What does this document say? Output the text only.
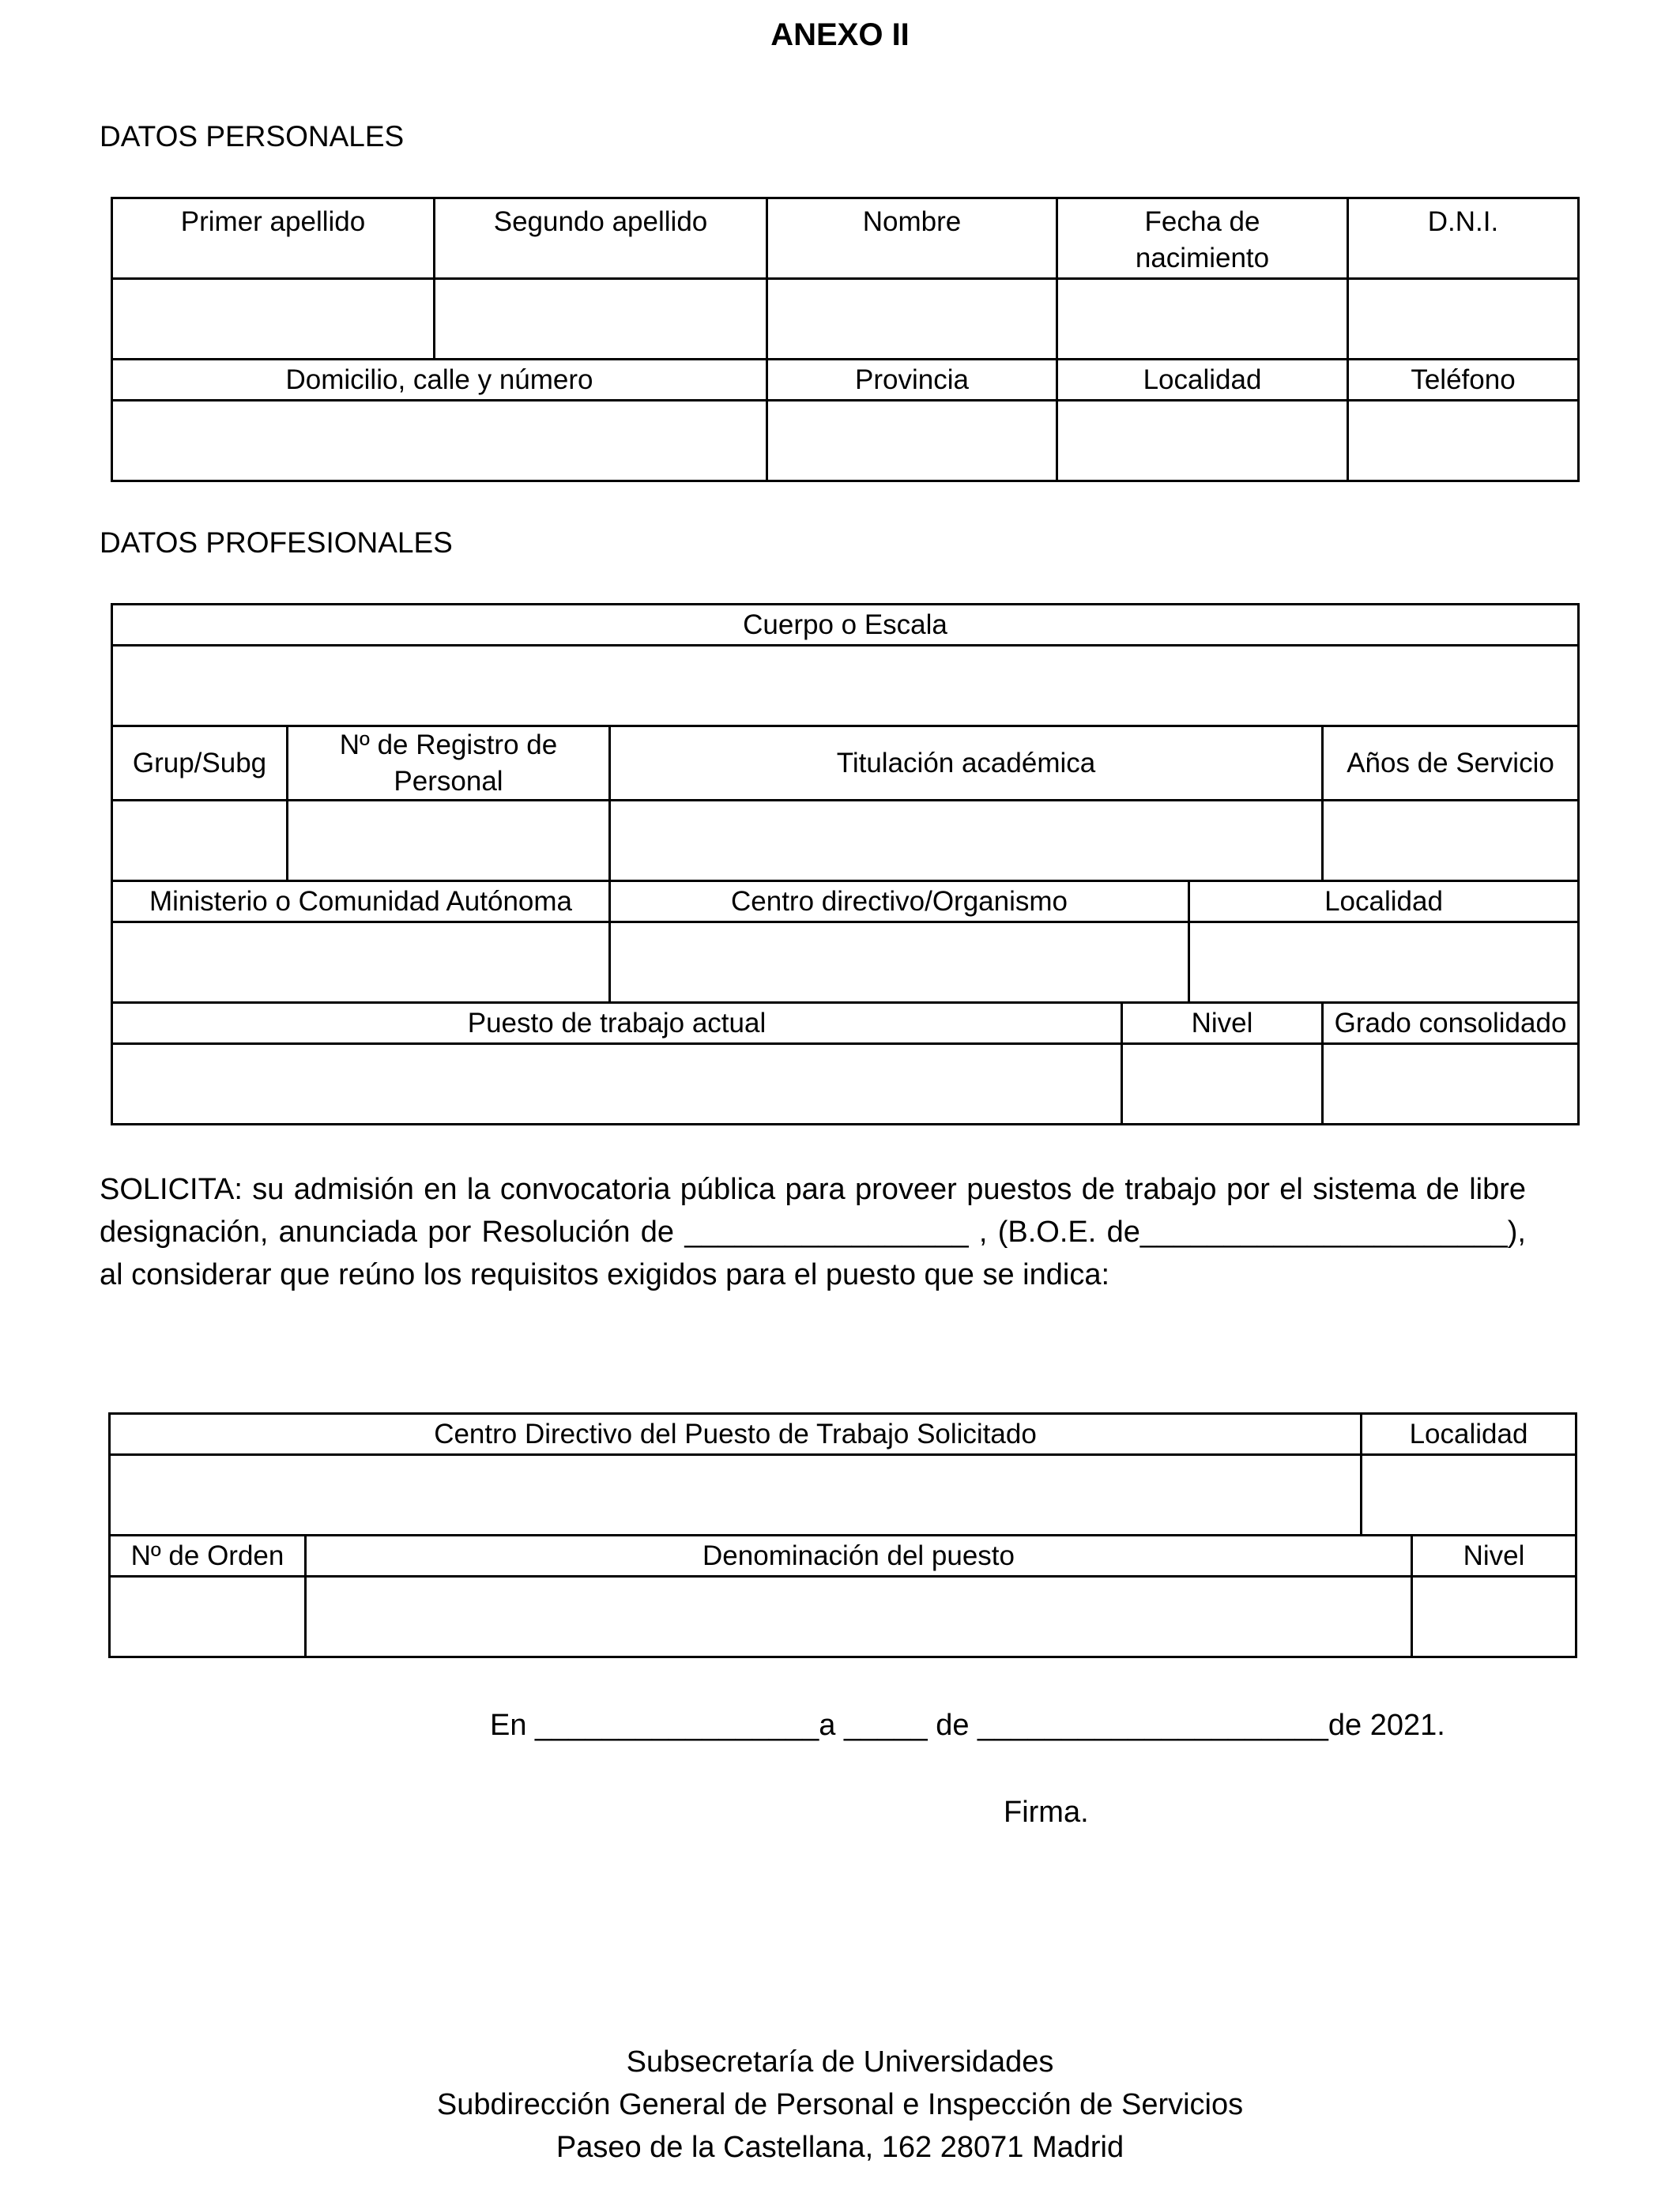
ANEXO II
DATOS PERSONALES
Primer apellido	Segundo apellido	Nombre	Fecha de nacimiento	D.N.I.

Domicilio, calle y número		Provincia	Localidad	Teléfono

DATOS PROFESIONALES
Cuerpo o Escala					

Grup/Subg	Nº de Registro de Personal	Titulación académica			Años de Servicio

Ministerio o Comunidad Autónoma		Centro directivo/Organismo		Localidad	

Puesto de trabajo actual			Nivel		Grado consolidado

SOLICITA: su admisión en la convocatoria pública para proveer puestos de trabajo por el sistema de libre designación, anunciada por Resolución de _________________ , (B.O.E. de______________________), al considerar que reúno los requisitos exigidos para el puesto que se indica:
Centro Directivo del Puesto de Trabajo Solicitado		Localidad	

Nº de Orden	Denominación del puesto		Nivel

En _________________a _____ de _____________________de 2021.
Firma.
Subsecretaría de Universidades
Subdirección General de Personal e Inspección de Servicios
Paseo de la Castellana, 162 28071 Madrid
